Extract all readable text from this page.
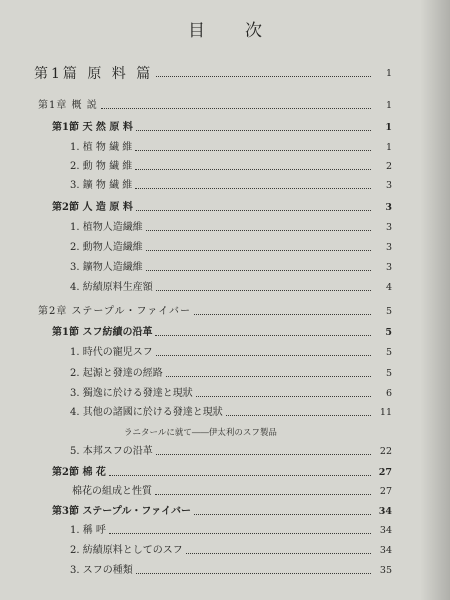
目次
第1篇 原 料 篇	1
第1章 概 説	1
第1節 天 然 原 料	1
1. 植 物 繊 維	1
2. 動 物 繊 維	2
3. 鑛 物 繊 維	3
第2節 人 造 原 料	3
1. 植物人造繊維	3
2. 動物人造繊維	3
3. 鑛物人造繊維	3
4. 紡績原料生産額	4
第2章 ステープル・ファイバー	5
第1節 スフ紡績の沿革	5
1. 時代の寵児スフ	5
2. 起源と發達の經路	5
3. 獨逸に於ける發達と現狀	6
4. 其他の諸國に於ける發達と現狀	11
ラニタールに就て――伊太利のスフ製品
5. 本邦スフの沿革	22
第2節 棉 花	27
棉花の組成と性質	27
第3節 ステープル・ファイバー	34
1. 稱 呼	34
2. 紡績原料としてのスフ	34
3. スフの種類	35
